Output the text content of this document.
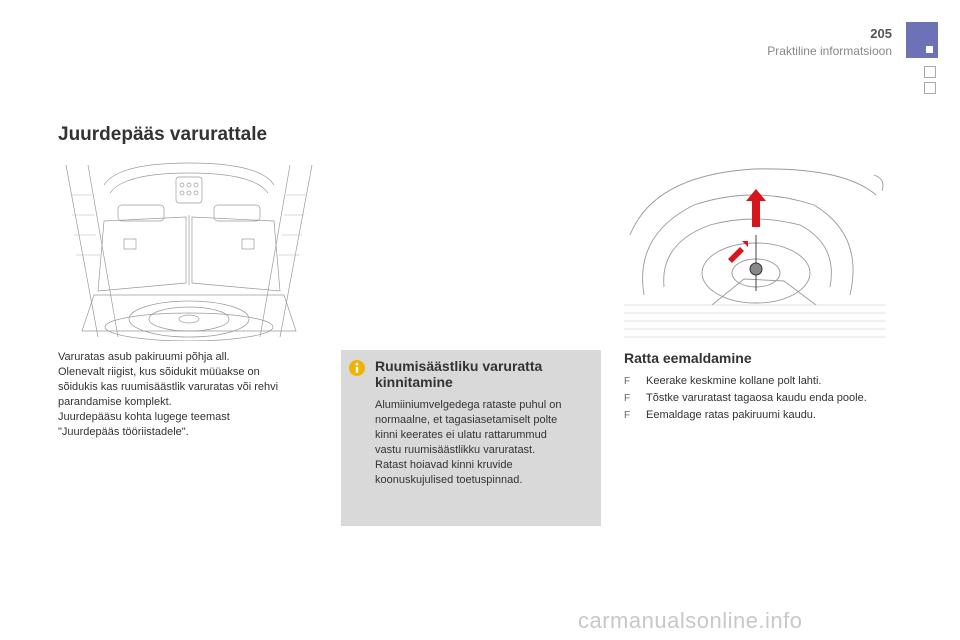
205
Praktiline informatsioon
Juurdepääs varurattale

Varuratas asub pakiruumi põhja all.

Olenevalt riigist, kus sõidukit müüakse on

sõidukis kas ruumisäästlik varuratas või rehvi

parandamise komplekt.

Juurdepääsu kohta lugege teemast

"Juurdepääs tööriistadele".

Ruumisäästliku varuratta kinnitamine
Alumiiniumvelgedega rataste puhul on
normaalne, et tagasiasetamiselt polte
kinni keerates ei ulatu rattarummud
vastu ruumisäästlikku varuratast.
Ratast hoiavad kinni kruvide
koonuskujulised toetuspinnad.
Ratta eemaldamine
F Keerake keskmine kollane polt lahti.
F Tõstke varuratast tagaosa kaudu enda poole.
F Eemaldage ratas pakiruumi kaudu.
carmanualsonline.info
